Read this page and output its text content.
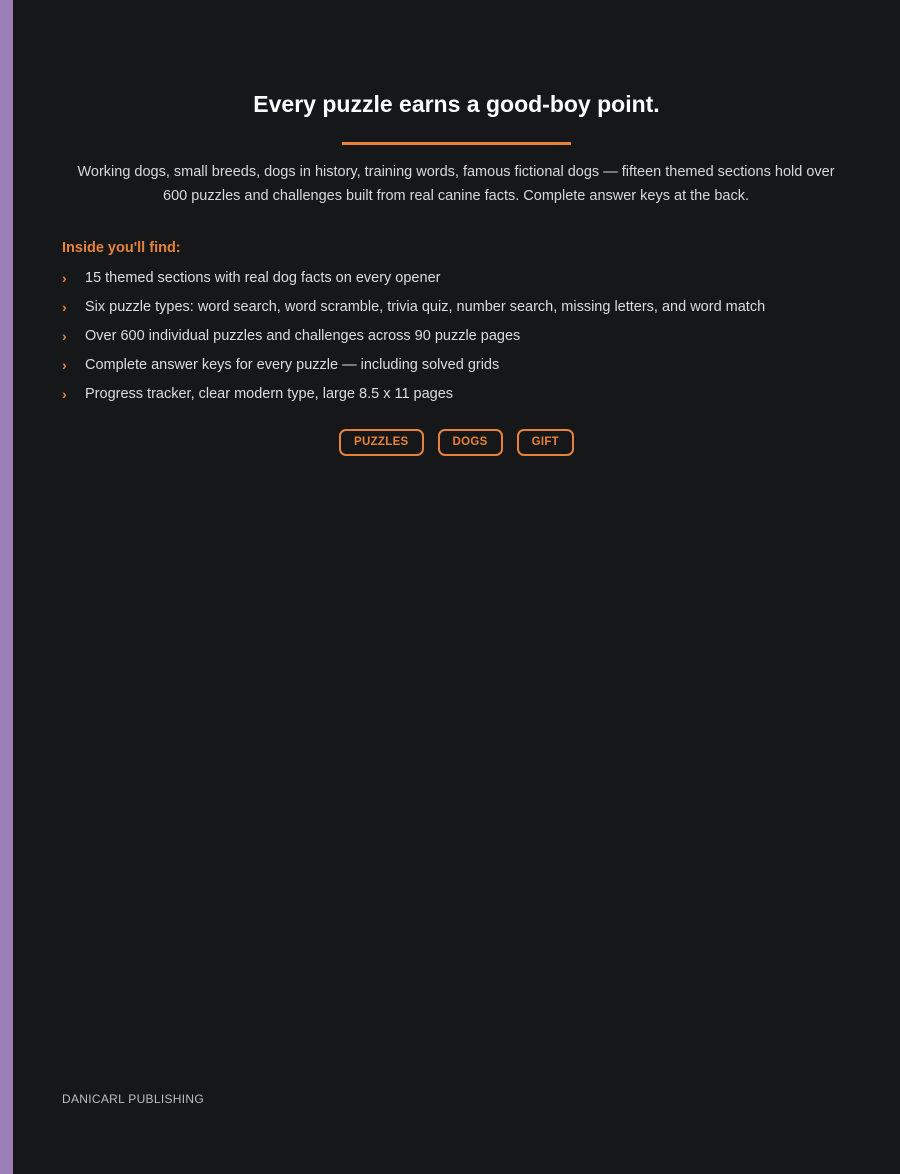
Every puzzle earns a good-boy point.

Working dogs, small breeds, dogs in history, training words, famous fictional dogs — fifteen themed sections hold over 600 puzzles and challenges built from real canine facts. Complete answer keys at the back.

Inside you'll find:

› 15 themed sections with real dog facts on every opener
› Six puzzle types: word search, word scramble, trivia quiz, number search, missing letters, and word match
› Over 600 individual puzzles and challenges across 90 puzzle pages
› Complete answer keys for every puzzle — including solved grids
› Progress tracker, clear modern type, large 8.5 x 11 pages
PUZZLES	DOGS	GIFT

DANICARL PUBLISHING
